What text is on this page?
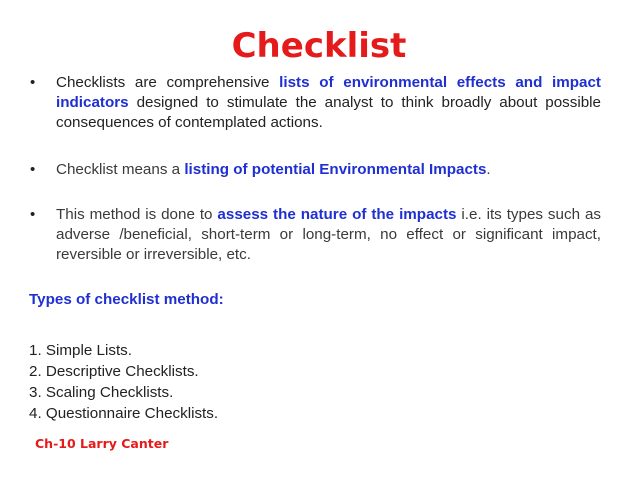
Checklist
• Checklists are comprehensive lists of environmental effects and impact indicators designed to stimulate the analyst to think broadly about possible consequences of contemplated actions.
• Checklist means a listing of potential Environmental Impacts.
• This method is done to assess the nature of the impacts i.e. its types such as adverse /beneficial, short-term or long-term, no effect or significant impact, reversible or irreversible, etc.
Types of checklist method:
1. Simple Lists.
2. Descriptive Checklists.
3. Scaling Checklists.
4. Questionnaire Checklists.
Ch-10 Larry Canter
